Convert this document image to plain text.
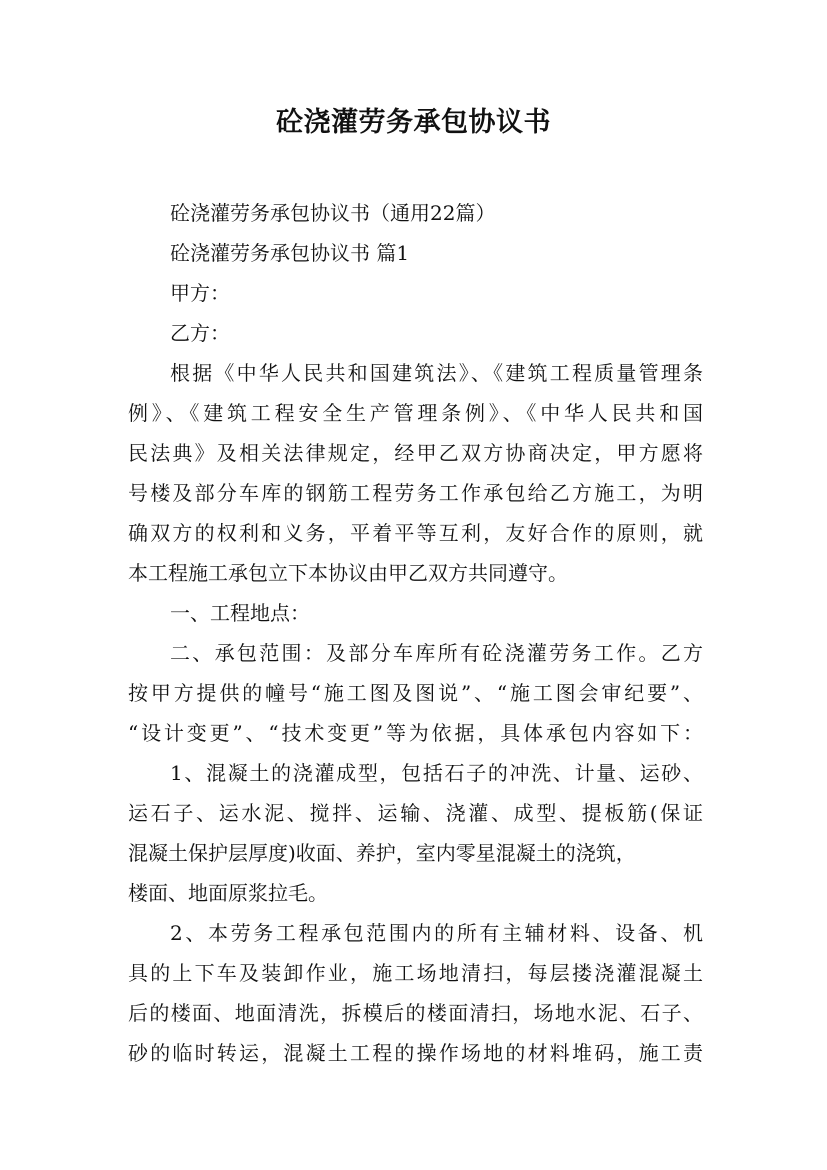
砼浇灌劳务承包协议书
砼浇灌劳务承包协议书（通用22篇）
砼浇灌劳务承包协议书 篇1
甲方：
乙方：
根据《中华人民共和国建筑法》、《建筑工程质量管理条
例》、《建筑工程安全生产管理条例》、《中华人民共和国
民法典》及相关法律规定，经甲乙双方协商决定，甲方愿将
号楼及部分车库的钢筋工程劳务工作承包给乙方施工，为明
确双方的权利和义务，平着平等互利，友好合作的原则，就
本工程施工承包立下本协议由甲乙双方共同遵守。
一、工程地点：
二、承包范围：及部分车库所有砼浇灌劳务工作。乙方
按甲方提供的幢号“施工图及图说”、“施工图会审纪要”、
“设计变更”、“技术变更”等为依据，具体承包内容如下：
1、混凝土的浇灌成型，包括石子的冲洗、计量、运砂、
运石子、运水泥、搅拌、运输、浇灌、成型、提板筋(保证
混凝土保护层厚度)收面、养护，室内零星混凝土的浇筑，
楼面、地面原浆拉毛。
2、本劳务工程承包范围内的所有主辅材料、设备、机
具的上下车及装卸作业，施工场地清扫，每层搂浇灌混凝土
后的楼面、地面清洗，拆模后的楼面清扫，场地水泥、石子、
砂的临时转运，混凝土工程的操作场地的材料堆码，施工责
